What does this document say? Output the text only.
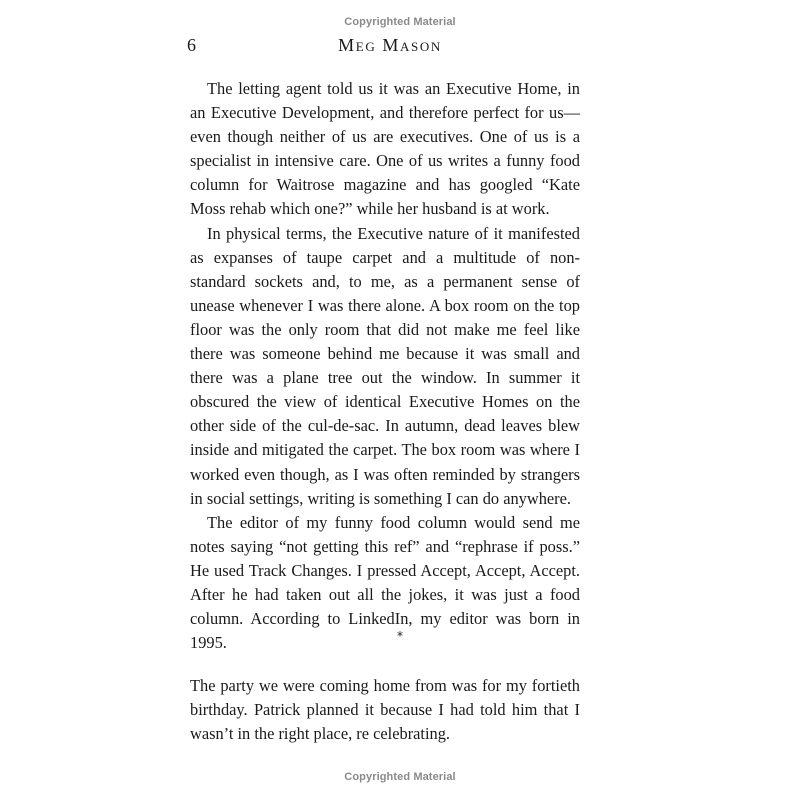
Copyrighted Material
6	Meg Mason

The letting agent told us it was an Executive Home, in an Executive Development, and therefore perfect for us—even though neither of us are executives. One of us is a specialist in intensive care. One of us writes a funny food column for Waitrose magazine and has googled “Kate Moss rehab which one?” while her husband is at work.

In physical terms, the Executive nature of it manifested as expanses of taupe carpet and a multitude of non-standard sockets and, to me, as a permanent sense of unease whenever I was there alone. A box room on the top floor was the only room that did not make me feel like there was someone behind me because it was small and there was a plane tree out the window. In summer it obscured the view of identical Executive Homes on the other side of the cul-de-sac. In autumn, dead leaves blew inside and mitigated the carpet. The box room was where I worked even though, as I was often reminded by strangers in social settings, writing is something I can do anywhere.

The editor of my funny food column would send me notes saying “not getting this ref” and “rephrase if poss.” He used Track Changes. I pressed Accept, Accept, Accept. After he had taken out all the jokes, it was just a food column. According to LinkedIn, my editor was born in 1995.	*

The party we were coming home from was for my fortieth birthday. Patrick planned it because I had told him that I wasn’t in the right place, re celebrating.

Copyrighted Material
